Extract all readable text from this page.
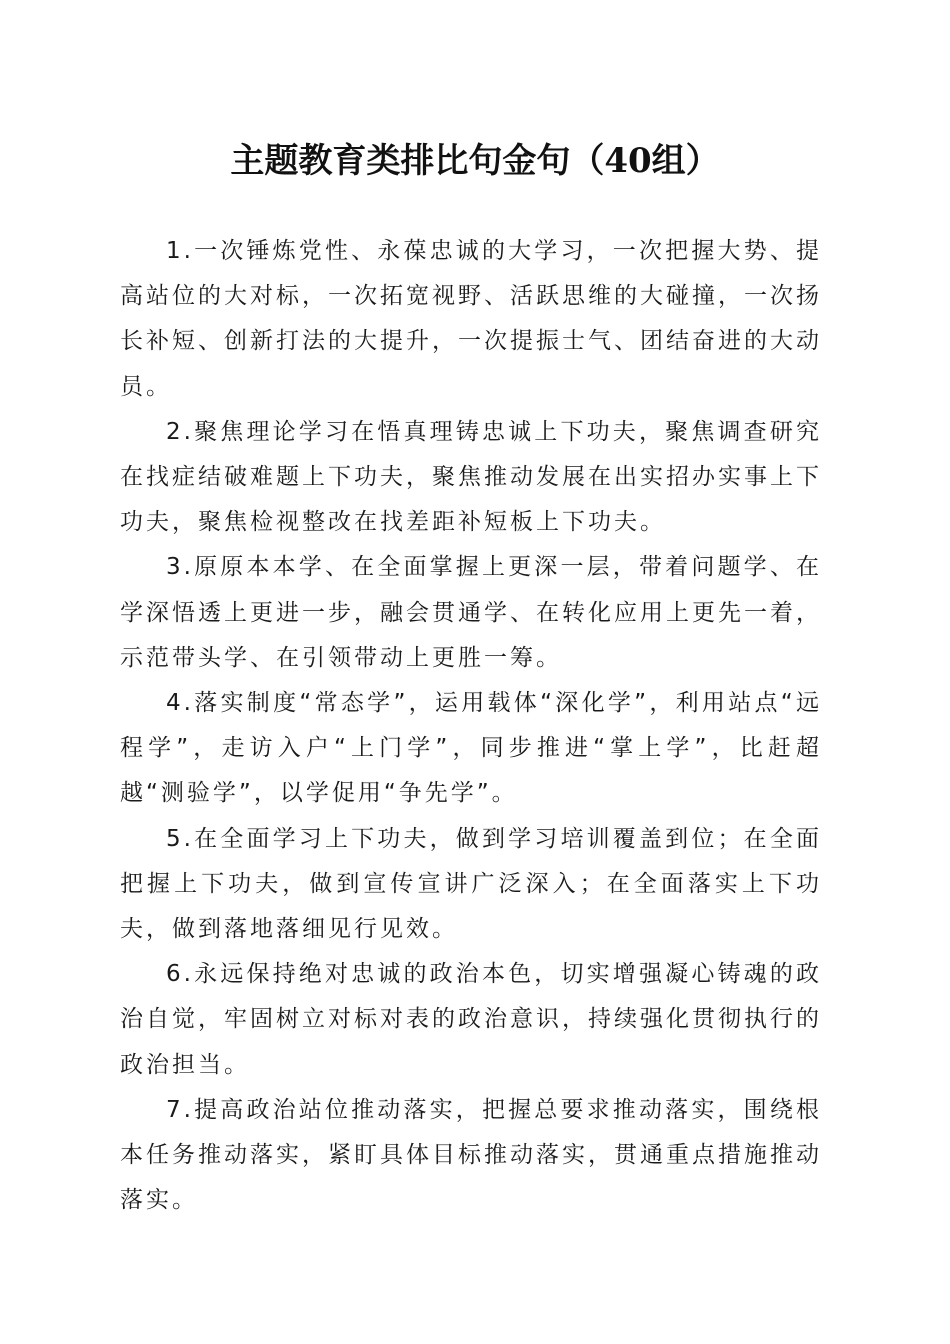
主题教育类排比句金句（40组）

1.一次锤炼党性、永葆忠诚的大学习，一次把握大势、提高站位的大对标，一次拓宽视野、活跃思维的大碰撞，一次扬长补短、创新打法的大提升，一次提振士气、团结奋进的大动员。

2.聚焦理论学习在悟真理铸忠诚上下功夫，聚焦调查研究在找症结破难题上下功夫，聚焦推动发展在出实招办实事上下功夫，聚焦检视整改在找差距补短板上下功夫。

3.原原本本学、在全面掌握上更深一层，带着问题学、在学深悟透上更进一步，融会贯通学、在转化应用上更先一着，示范带头学、在引领带动上更胜一筹。

4.落实制度“常态学”，运用载体“深化学”，利用站点“远程学”，走访入户“上门学”，同步推进“掌上学”，比赶超越“测验学”，以学促用“争先学”。

5.在全面学习上下功夫，做到学习培训覆盖到位；在全面把握上下功夫，做到宣传宣讲广泛深入；在全面落实上下功夫，做到落地落细见行见效。

6.永远保持绝对忠诚的政治本色，切实增强凝心铸魂的政治自觉，牢固树立对标对表的政治意识，持续强化贯彻执行的政治担当。

7.提高政治站位推动落实，把握总要求推动落实，围绕根本任务推动落实，紧盯具体目标推动落实，贯通重点措施推动落实。
